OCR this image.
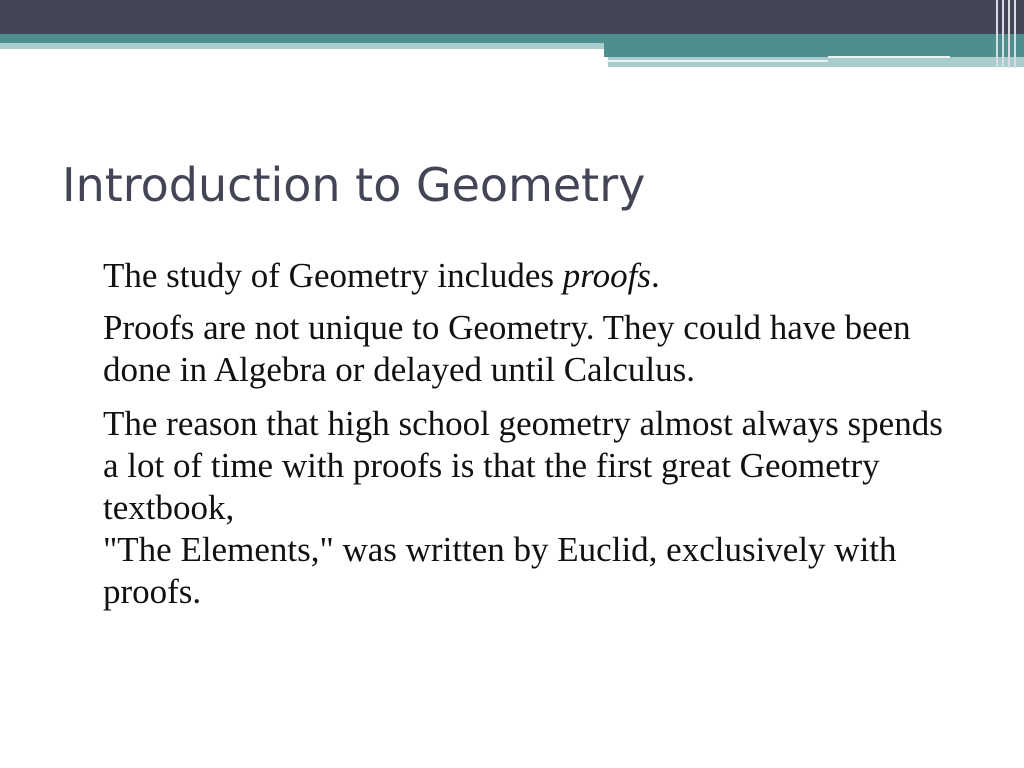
Introduction to Geometry

The study of Geometry includes proofs.

Proofs are not unique to Geometry. They could have been done in Algebra or delayed until Calculus.

The reason that high school geometry almost always spends a lot of time with proofs is that the first great Geometry textbook,

"The Elements," was written by Euclid, exclusively with proofs.
